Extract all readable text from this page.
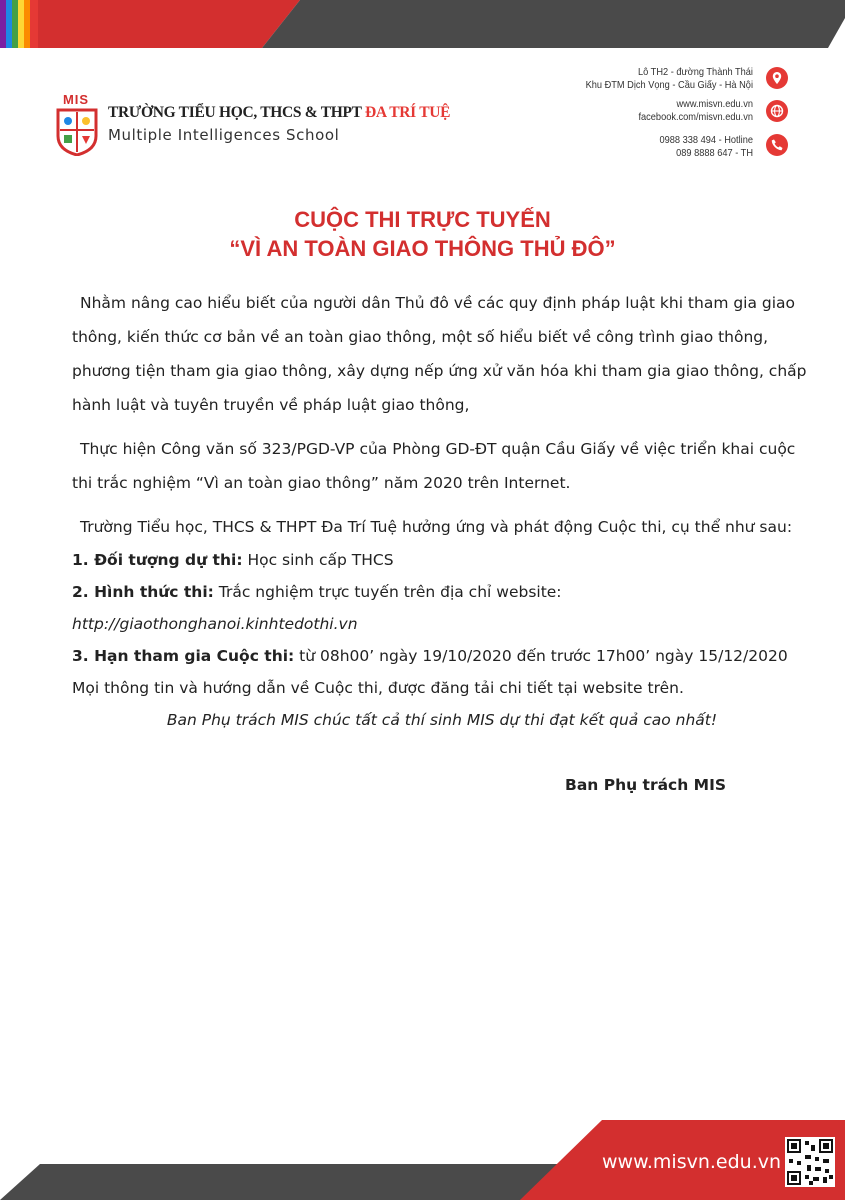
MIS
TRƯỜNG TIỂU HỌC, THCS & THPT ĐA TRÍ TUỆ
Multiple Intelligences School
Lô TH2 - đường Thành Thái
Khu ĐTM Dịch Vọng - Cầu Giấy - Hà Nội
www.misvn.edu.vn
facebook.com/misvn.edu.vn
0988 338 494 - Hotline
089 8888 647 - TH
CUỘC THI TRỰC TUYẾN
“VÌ AN TOÀN GIAO THÔNG THỦ ĐÔ”

Nhằm nâng cao hiểu biết của người dân Thủ đô về các quy định pháp luật khi tham gia giao thông, kiến thức cơ bản về an toàn giao thông, một số hiểu biết về công trình giao thông, phương tiện tham gia giao thông, xây dựng nếp ứng xử văn hóa khi tham gia giao thông, chấp hành luật và tuyên truyền về pháp luật giao thông,

Thực hiện Công văn số 323/PGD-VP của Phòng GD-ĐT quận Cầu Giấy về việc triển khai cuộc thi trắc nghiệm “Vì an toàn giao thông” năm 2020 trên Internet.

Trường Tiểu học, THCS & THPT Đa Trí Tuệ hưởng ứng và phát động Cuộc thi, cụ thể như sau:

1. Đối tượng dự thi: Học sinh cấp THCS

2. Hình thức thi: Trắc nghiệm trực tuyến trên địa chỉ website:

http://giaothonghanoi.kinhtedothi.vn

3. Hạn tham gia Cuộc thi: từ 08h00’ ngày 19/10/2020 đến trước 17h00’ ngày 15/12/2020

Mọi thông tin và hướng dẫn về Cuộc thi, được đăng tải chi tiết tại website trên.

Ban Phụ trách MIS chúc tất cả thí sinh MIS dự thi đạt kết quả cao nhất!

Ban Phụ trách MIS
www.misvn.edu.vn
